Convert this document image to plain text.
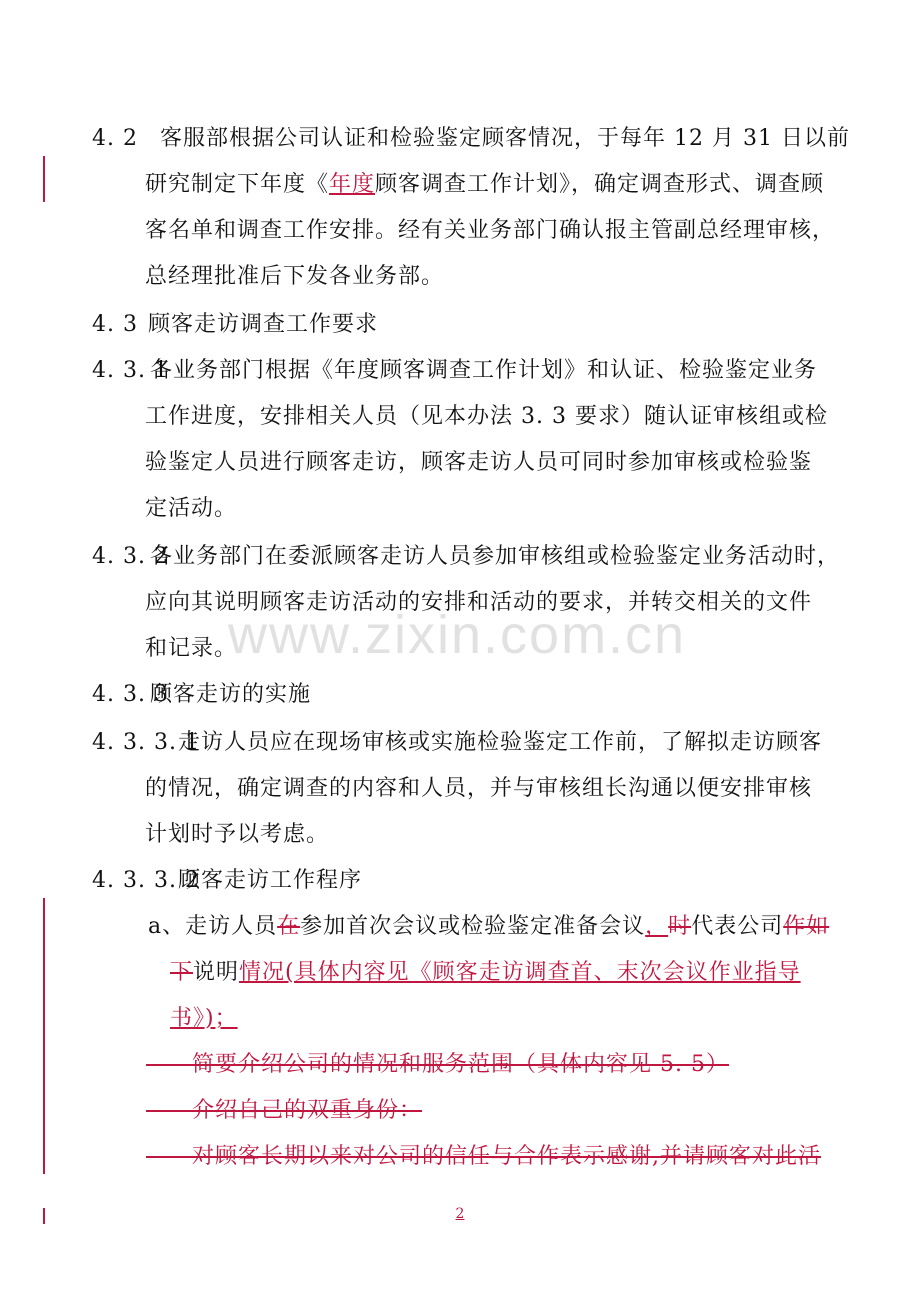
4. 2 客服部根据公司认证和检验鉴定顾客情况，于每年 12 月 31 日以前
研究制定下年度《年度顾客调查工作计划》，确定调查形式、调查顾
客名单和调查工作安排。经有关业务部门确认报主管副总经理审核，
总经理批准后下发各业务部。
4. 3 顾客走访调查工作要求
4. 3. 1各业务部门根据《年度顾客调查工作计划》和认证、检验鉴定业务
工作进度，安排相关人员（见本办法 3. 3 要求）随认证审核组或检
验鉴定人员进行顾客走访，顾客走访人员可同时参加审核或检验鉴
定活动。
4. 3. 2各业务部门在委派顾客走访人员参加审核组或检验鉴定业务活动时，
应向其说明顾客走访活动的安排和活动的要求，并转交相关的文件
和记录。
4. 3. 3顾客走访的实施
4. 3. 3. 1走访人员应在现场审核或实施检验鉴定工作前，了解拟走访顾客
的情况，确定调查的内容和人员，并与审核组长沟通以便安排审核
计划时予以考虑。
4. 3. 3. 2顾客走访工作程序
a、走访人员在参加首次会议或检验鉴定准备会议，时代表公司作如
下说明情况(具体内容见《顾客走访调查首、末次会议作业指导
书》)；
——简要介绍公司的情况和服务范围（具体内容见 5. 5）
——介绍自己的双重身份：
——对顾客长期以来对公司的信任与合作表示感谢,并请顾客对此活
www.zixin.com.cn
2
